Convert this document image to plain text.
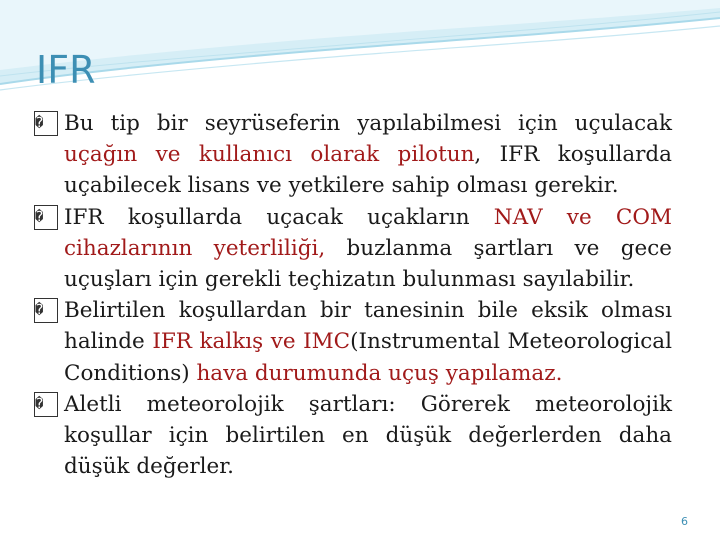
IFR
� Bu tip bir seyrüseferin yapılabilmesi için uçulacak uçağın ve kullanıcı olarak pilotun, IFR koşullarda uçabilecek lisans ve yetkilere sahip olması gerekir.
� IFR koşullarda uçacak uçakların NAV ve COM cihazlarının yeterliliği, buzlanma şartları ve gece uçuşları için gerekli teçhizatın bulunması sayılabilir.
� Belirtilen koşullardan bir tanesinin bile eksik olması halinde IFR kalkış ve IMC(Instrumental Meteorological Conditions) hava durumunda uçuş yapılamaz.
� Aletli meteorolojik şartları: Görerek meteorolojik koşullar için belirtilen en düşük değerlerden daha düşük değerler.
6
